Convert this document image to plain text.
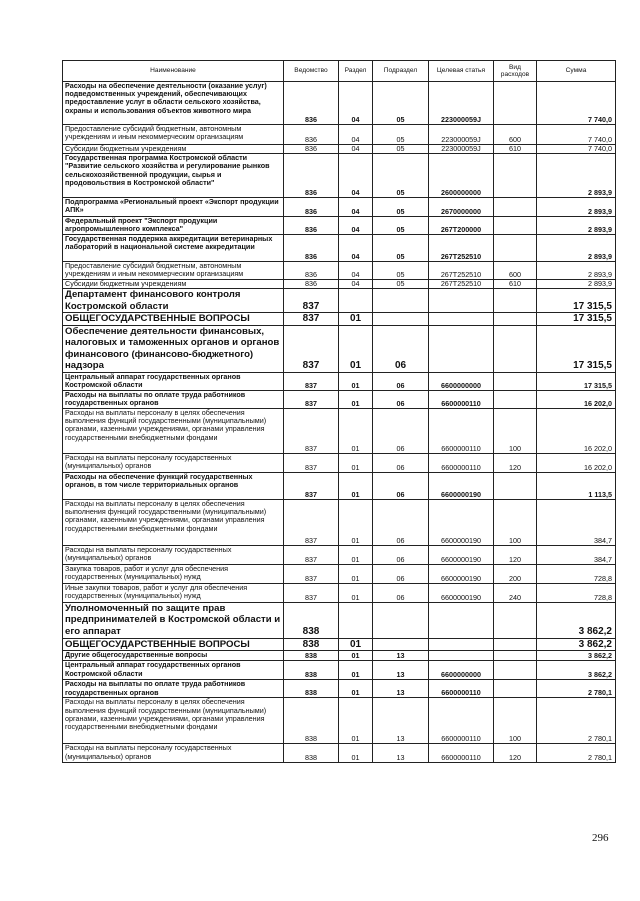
Наименование	Ведомство	Раздел	Подраздел	Целевая статья	Вид расходов	Сумма
Расходы на обеспечение деятельности (оказание услуг) подведомственных учреждений, обеспечивающих предоставление услуг в области сельского хозяйства, охраны и использования объектов животного мира	836	04	05	223000059J		7 740,0
Предоставление субсидий бюджетным, автономным учреждениям и иным некоммерческим организациям	836	04	05	223000059J	600	7 740,0
Субсидии бюджетным учреждениям	836	04	05	223000059J	610	7 740,0
Государственная программа Костромской области "Развитие сельского хозяйства и регулирование рынков сельскохозяйственной продукции, сырья и продовольствия в Костромской области"	836	04	05	2600000000		2 893,9
Подпрограмма «Региональный проект «Экспорт продукции АПК»	836	04	05	2670000000		2 893,9
Федеральный проект "Экспорт продукции агропромышленного комплекса"	836	04	05	267T200000		2 893,9
Государственная поддержка аккредитации ветеринарных лабораторий в национальной системе аккредитации	836	04	05	267T252510		2 893,9
Предоставление субсидий бюджетным, автономным учреждениям и иным некоммерческим организациям	836	04	05	267T252510	600	2 893,9
Субсидии бюджетным учреждениям	836	04	05	267T252510	610	2 893,9
Департамент финансового контроля Костромской области	837					17 315,5
ОБЩЕГОСУДАРСТВЕННЫЕ ВОПРОСЫ	837	01				17 315,5
Обеспечение деятельности финансовых, налоговых и таможенных органов и органов финансового (финансово-бюджетного) надзора	837	01	06			17 315,5
Центральный аппарат государственных органов Костромской области	837	01	06	6600000000		17 315,5
Расходы на выплаты по оплате труда работников государственных органов	837	01	06	6600000110		16 202,0
Расходы на выплаты персоналу в целях обеспечения выполнения функций государственными (муниципальными) органами, казенными учреждениями, органами управления государственными внебюджетными фондами	837	01	06	6600000110	100	16 202,0
Расходы на выплаты персоналу государственных (муниципальных) органов	837	01	06	6600000110	120	16 202,0
Расходы на обеспечение функций государственных органов, в том числе территориальных органов	837	01	06	6600000190		1 113,5
Расходы на выплаты персоналу в целях обеспечения выполнения функций государственными (муниципальными) органами, казенными учреждениями, органами управления государственными внебюджетными фондами	837	01	06	6600000190	100	384,7
Расходы на выплаты персоналу государственных (муниципальных) органов	837	01	06	6600000190	120	384,7
Закупка товаров, работ и услуг для обеспечения государственных (муниципальных) нужд	837	01	06	6600000190	200	728,8
Иные закупки товаров, работ и услуг для обеспечения государственных (муниципальных) нужд	837	01	06	6600000190	240	728,8
Уполномоченный по защите прав предпринимателей в Костромской области и его аппарат	838					3 862,2
ОБЩЕГОСУДАРСТВЕННЫЕ ВОПРОСЫ	838	01				3 862,2
Другие общегосударственные вопросы	838	01	13			3 862,2
Центральный аппарат государственных органов Костромской области	838	01	13	6600000000		3 862,2
Расходы на выплаты по оплате труда работников государственных органов	838	01	13	6600000110		2 780,1
Расходы на выплаты персоналу в целях обеспечения выполнения функций государственными (муниципальными) органами, казенными учреждениями, органами управления государственными внебюджетными фондами	838	01	13	6600000110	100	2 780,1
Расходы на выплаты персоналу государственных (муниципальных) органов	838	01	13	6600000110	120	2 780,1
296
